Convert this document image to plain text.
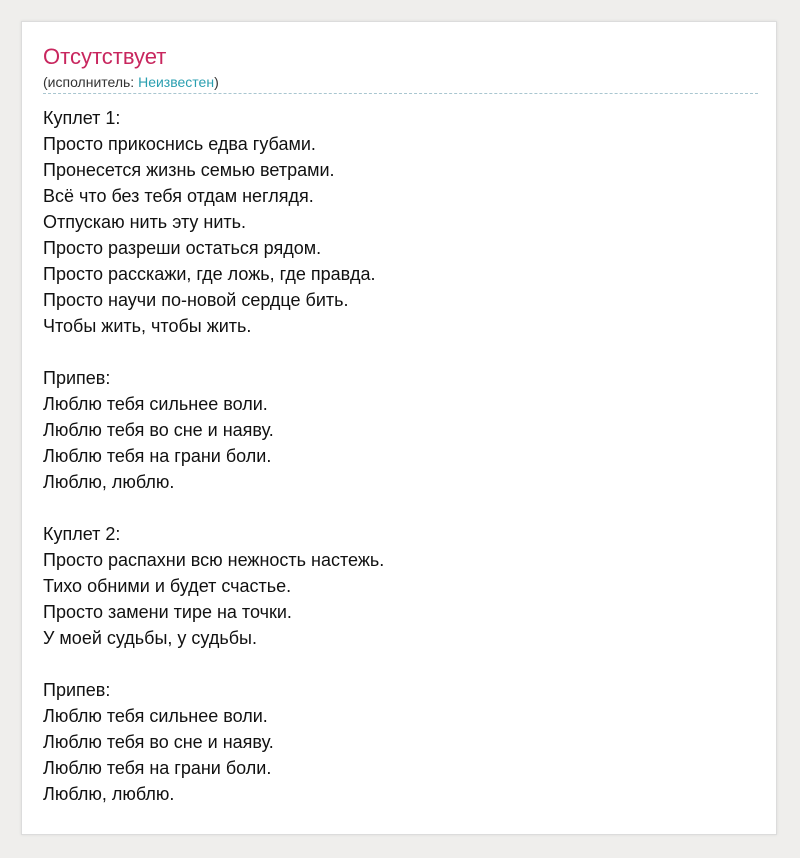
Отсутствует
(исполнитель: Неизвестен)
Куплет 1:
Просто прикоснись едва губами.
Пронесется жизнь семью ветрами.
Всё что без тебя отдам неглядя.
Отпускаю нить эту нить.
Просто разреши остаться рядом.
Просто расскажи, где ложь, где правда.
Просто научи по-новой сердце бить.
Чтобы жить, чтобы жить.
Припев:
Люблю тебя сильнее воли.
Люблю тебя во сне и наяву.
Люблю тебя на грани боли.
Люблю, люблю.
Куплет 2:
Просто распахни всю нежность настежь.
Тихо обними и будет счастье.
Просто замени тире на точки.
У моей судьбы, у судьбы.
Припев:
Люблю тебя сильнее воли.
Люблю тебя во сне и наяву.
Люблю тебя на грани боли.
Люблю, люблю.
